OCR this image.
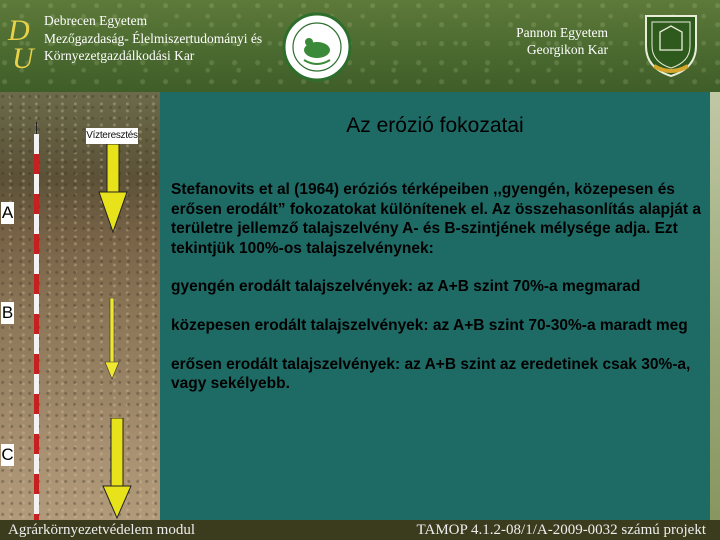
D
U
Debrecen Egyetem
Mezőgazdaság- Élelmiszertudományi és
Környezetgazdálkodási Kar
Pannon Egyetem
Georgikon Kar
A
B
C
Vízteresztés	Az erózió fokozatai

Stefanovits et al (1964) eróziós térképeiben ,,gyengén, közepesen és erősen erodált” fokozatokat különítenek el. Az összehasonlítás alapját a területre jellemző talajszelvény A- és B-szintjének mélysége adja. Ezt tekintjük 100%-os talajszelvénynek:

gyengén erodált talajszelvények: az A+B szint 70%-a megmarad

közepesen erodált talajszelvények: az A+B szint 70-30%-a maradt meg

erősen erodált talajszelvények: az A+B szint az eredetinek csak 30%-a, vagy sekélyebb.

Agrárkörnyezetvédelem modul	TAMOP 4.1.2-08/1/A-2009-0032 számú projekt
